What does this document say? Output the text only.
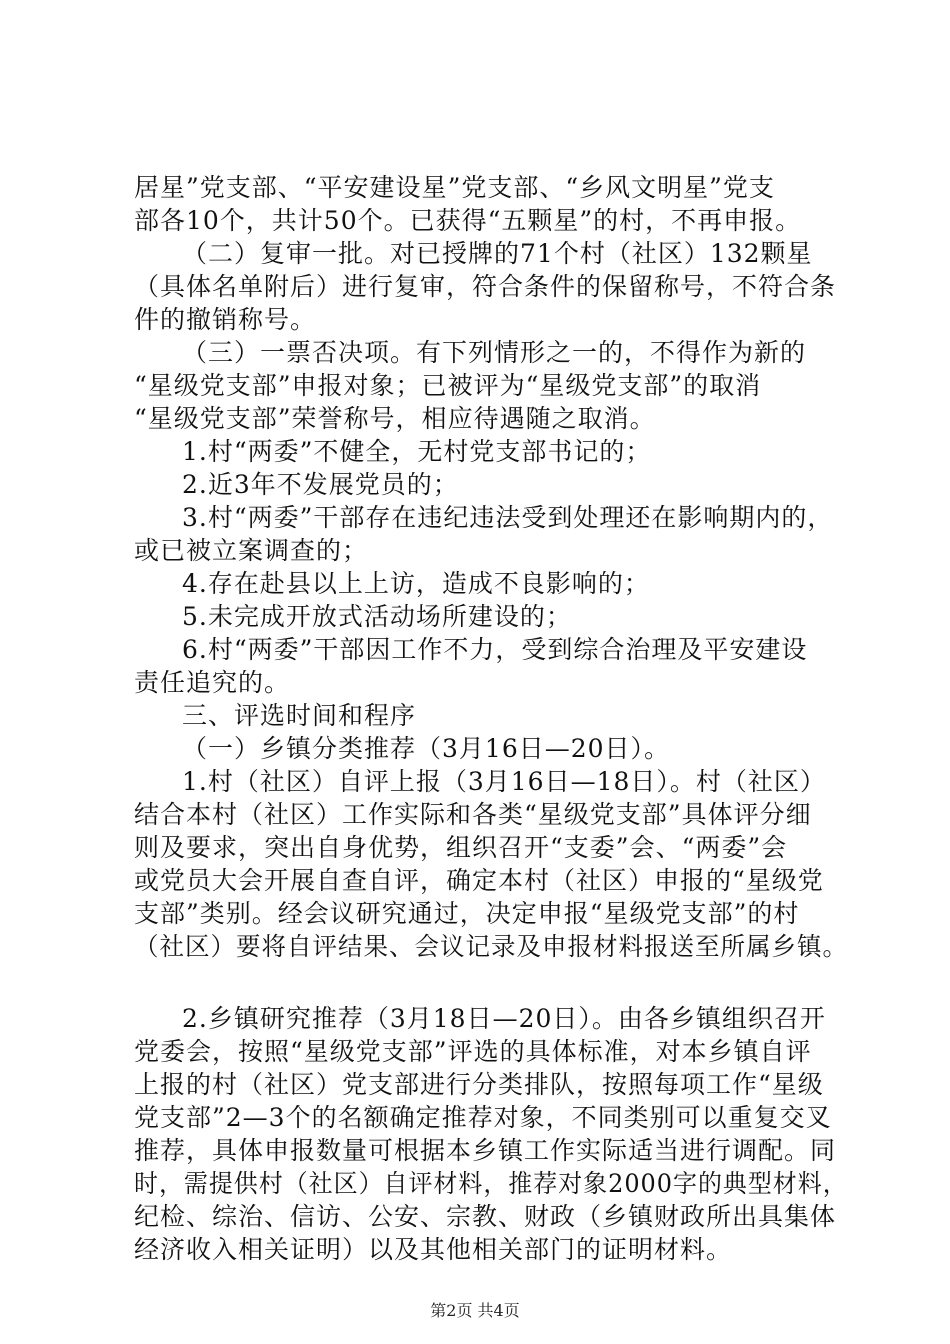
居星”党支部、“平安建设星”党支部、“乡风文明星”党支
部各10个，共计50个。已获得“五颗星”的村，不再申报。
（二）复审一批。对已授牌的71个村（社区）132颗星
（具体名单附后）进行复审，符合条件的保留称号，不符合条
件的撤销称号。
（三）一票否决项。有下列情形之一的，不得作为新的
“星级党支部”申报对象；已被评为“星级党支部”的取消
“星级党支部”荣誉称号，相应待遇随之取消。
1.村“两委”不健全，无村党支部书记的；
2.近3年不发展党员的；
3.村“两委”干部存在违纪违法受到处理还在影响期内的，
或已被立案调查的；
4.存在赴县以上上访，造成不良影响的；
5.未完成开放式活动场所建设的；
6.村“两委”干部因工作不力，受到综合治理及平安建设
责任追究的。
三、评选时间和程序
（一）乡镇分类推荐（3月16日—20日）。
1.村（社区）自评上报（3月16日—18日）。村（社区）
结合本村（社区）工作实际和各类“星级党支部”具体评分细
则及要求，突出自身优势，组织召开“支委”会、“两委”会
或党员大会开展自查自评，确定本村（社区）申报的“星级党
支部”类别。经会议研究通过，决定申报“星级党支部”的村
（社区）要将自评结果、会议记录及申报材料报送至所属乡镇。
2.乡镇研究推荐（3月18日—20日）。由各乡镇组织召开
党委会，按照“星级党支部”评选的具体标准，对本乡镇自评
上报的村（社区）党支部进行分类排队，按照每项工作“星级
党支部”2—3个的名额确定推荐对象，不同类别可以重复交叉
推荐，具体申报数量可根据本乡镇工作实际适当进行调配。同
时，需提供村（社区）自评材料，推荐对象2000字的典型材料，
纪检、综治、信访、公安、宗教、财政（乡镇财政所出具集体
经济收入相关证明）以及其他相关部门的证明材料。
第2页 共4页
